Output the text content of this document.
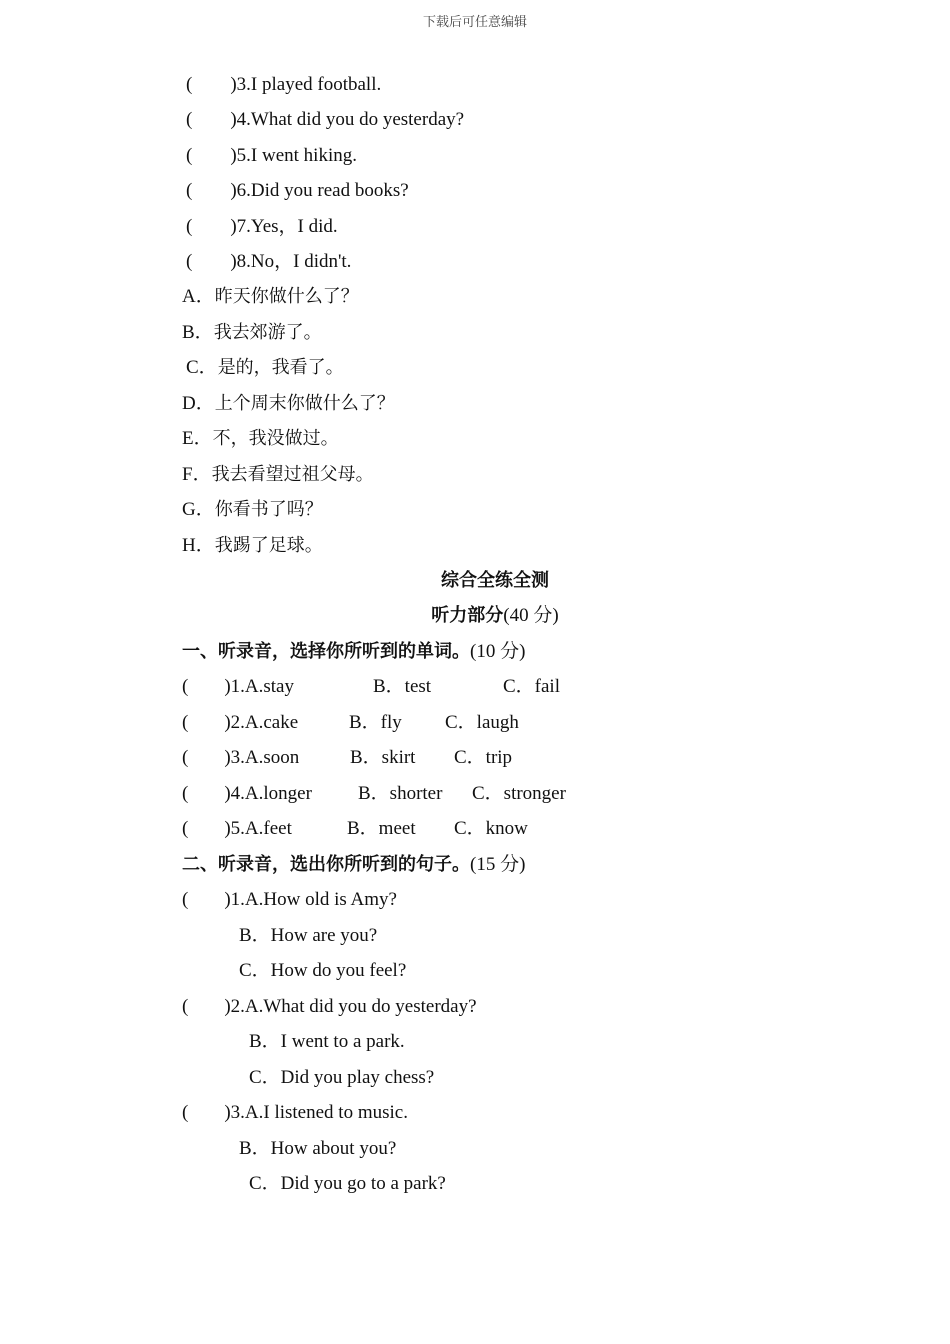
下载后可任意编辑
( )3.I played football.
( )4.What did you do yesterday?
( )5.I went hiking.
( )6.Did you read books?
( )7.Yes，I did.
( )8.No，I didn't.
A．昨天你做什么了？
B．我去郊游了。
C．是的，我看了。
D．上个周末你做什么了？
E．不，我没做过。
F．我去看望过祖父母。
G．你看书了吗？
H．我踢了足球。
综合全练全测
听力部分(40 分)
一、听录音，选择你所听到的单词。(10 分)
( )1.A.stay	B．test	C．fail
( )2.A.cake	B．fly C．laugh
( )3.A.soon	B．skirt C．trip
( )4.A.longer B．shorter C．stronger
( )5.A.feet	B．meet C．know
二、听录音，选出你所听到的句子。(15 分)
( )1.A.How old is Amy?
B．How are you?
C．How do you feel?
( )2.A.What did you do yesterday?
B．I went to a park.
C．Did you play chess?
( )3.A.I listened to music.
B．How about you?
C．Did you go to a park?
